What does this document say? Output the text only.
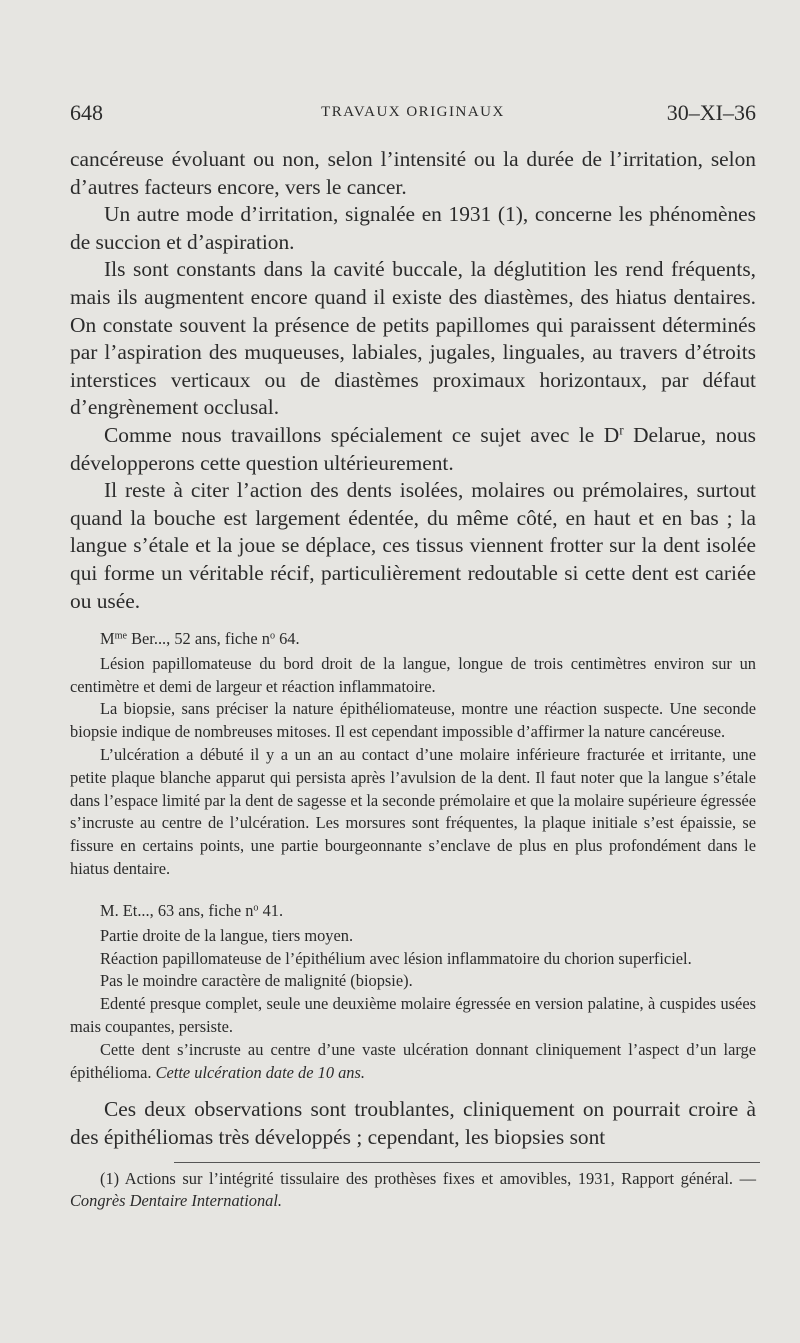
648	TRAVAUX ORIGINAUX	30–XI–36

cancéreuse évoluant ou non, selon l’intensité ou la durée de l’irritation, selon d’autres facteurs encore, vers le cancer.

Un autre mode d’irritation, signalée en 1931 (1), concerne les phénomènes de succion et d’aspiration.

Ils sont constants dans la cavité buccale, la déglutition les rend fréquents, mais ils augmentent encore quand il existe des diastèmes, des hiatus dentaires. On constate souvent la présence de petits papillomes qui paraissent déterminés par l’aspiration des muqueuses, labiales, jugales, linguales, au travers d’étroits interstices verticaux ou de diastèmes proximaux horizontaux, par défaut d’engrènement occlusal.

Comme nous travaillons spécialement ce sujet avec le $D^r$ Delarue, nous développerons cette question ultérieurement.

Il reste à citer l’action des dents isolées, molaires ou prémolaires, surtout quand la bouche est largement édentée, du même côté, en haut et en bas ; la langue s’étale et la joue se déplace, ces tissus viennent frotter sur la dent isolée qui forme un véritable récif, particulièrement redoutable si cette dent est cariée ou usée.

$M^{me}$ Ber..., 52 ans, fiche $n^o$ 64.

Lésion papillomateuse du bord droit de la langue, longue de trois centimètres environ sur un centimètre et demi de largeur et réaction inflammatoire.

La biopsie, sans préciser la nature épithéliomateuse, montre une réaction suspecte. Une seconde biopsie indique de nombreuses mitoses. Il est cependant impossible d’affirmer la nature cancéreuse.

L’ulcération a débuté il y a un an au contact d’une molaire inférieure fracturée et irritante, une petite plaque blanche apparut qui persista après l’avulsion de la dent. Il faut noter que la langue s’étale dans l’espace limité par la dent de sagesse et la seconde prémolaire et que la molaire supérieure égressée s’incruste au centre de l’ulcération. Les morsures sont fréquentes, la plaque initiale s’est épaissie, se fissure en certains points, une partie bourgeonnante s’enclave de plus en plus profondément dans le hiatus dentaire.

M. Et..., 63 ans, fiche $n^o$ 41.

Partie droite de la langue, tiers moyen.

Réaction papillomateuse de l’épithélium avec lésion inflammatoire du chorion superficiel.

Pas le moindre caractère de malignité (biopsie).

Edenté presque complet, seule une deuxième molaire égressée en version palatine, à cuspides usées mais coupantes, persiste.

Cette dent s’incruste au centre d’une vaste ulcération donnant cliniquement l’aspect d’un large épithélioma. Cette ulcération date de 10 ans.

Ces deux observations sont troublantes, cliniquement on pourrait croire à des épithéliomas très développés ; cependant, les biopsies sont

(1) Actions sur l’intégrité tissulaire des prothèses fixes et amovibles, 1931, Rapport général. — Congrès Dentaire International.
